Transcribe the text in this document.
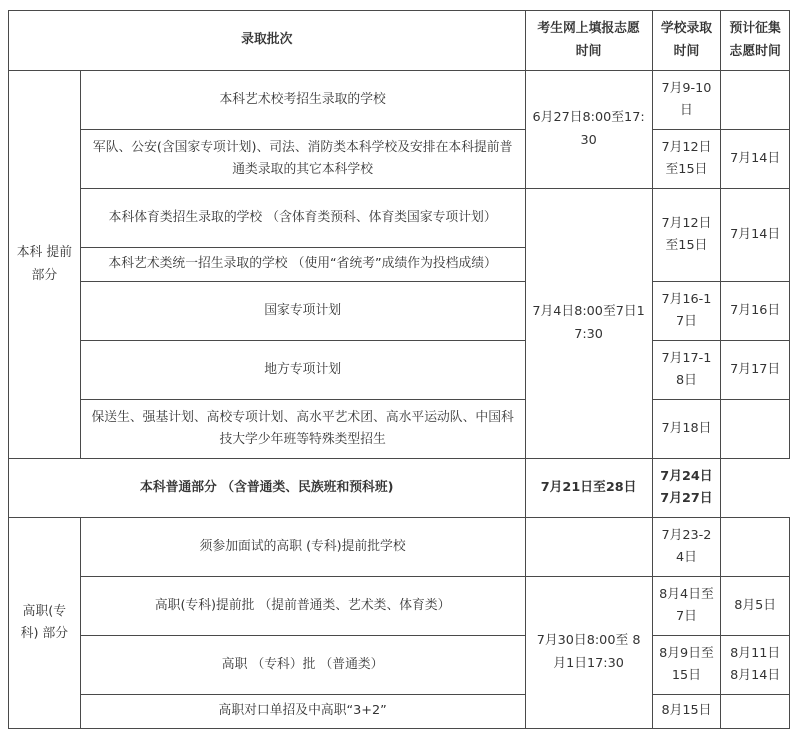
录取批次		考生网上填报志愿时间	学校录取时间	预计征集 志愿时间
本科 提前部分	本科艺术校考招生录取的学校	6月27日8:00至17:30	7月9-10日	
	军队、公安(含国家专项计划)、司法、消防类本科学校及安排在本科提前普通类录取的其它本科学校		7月12日至15日	7月14日
	本科体育类招生录取的学校 （含体育类预科、体育类国家专项计划）	7月4日8:00至7日17:30	7月12日至15日	7月14日
	本科艺术类统一招生录取的学校 （使用“省统考”成绩作为投档成绩）			
	国家专项计划		7月16-17日	7月16日
	地方专项计划		7月17-18日	7月17日
	保送生、强基计划、高校专项计划、高水平艺术团、高水平运动队、中国科技大学少年班等特殊类型招生		7月18日	
本科普通部分 （含普通类、民族班和预科班)		7月21日至28日	7月24日 7月27日	
高职(专科) 部分	须参加面试的高职 (专科)提前批学校		7月23-24日	
	高职(专科)提前批 （提前普通类、艺术类、体育类）	7月30日8:00至 8月1日17:30	8月4日至7日	8月5日
	高职 （专科）批 （普通类）		8月9日至15日	8月11日 8月14日
	高职对口单招及中高职“3+2”		8月15日	
